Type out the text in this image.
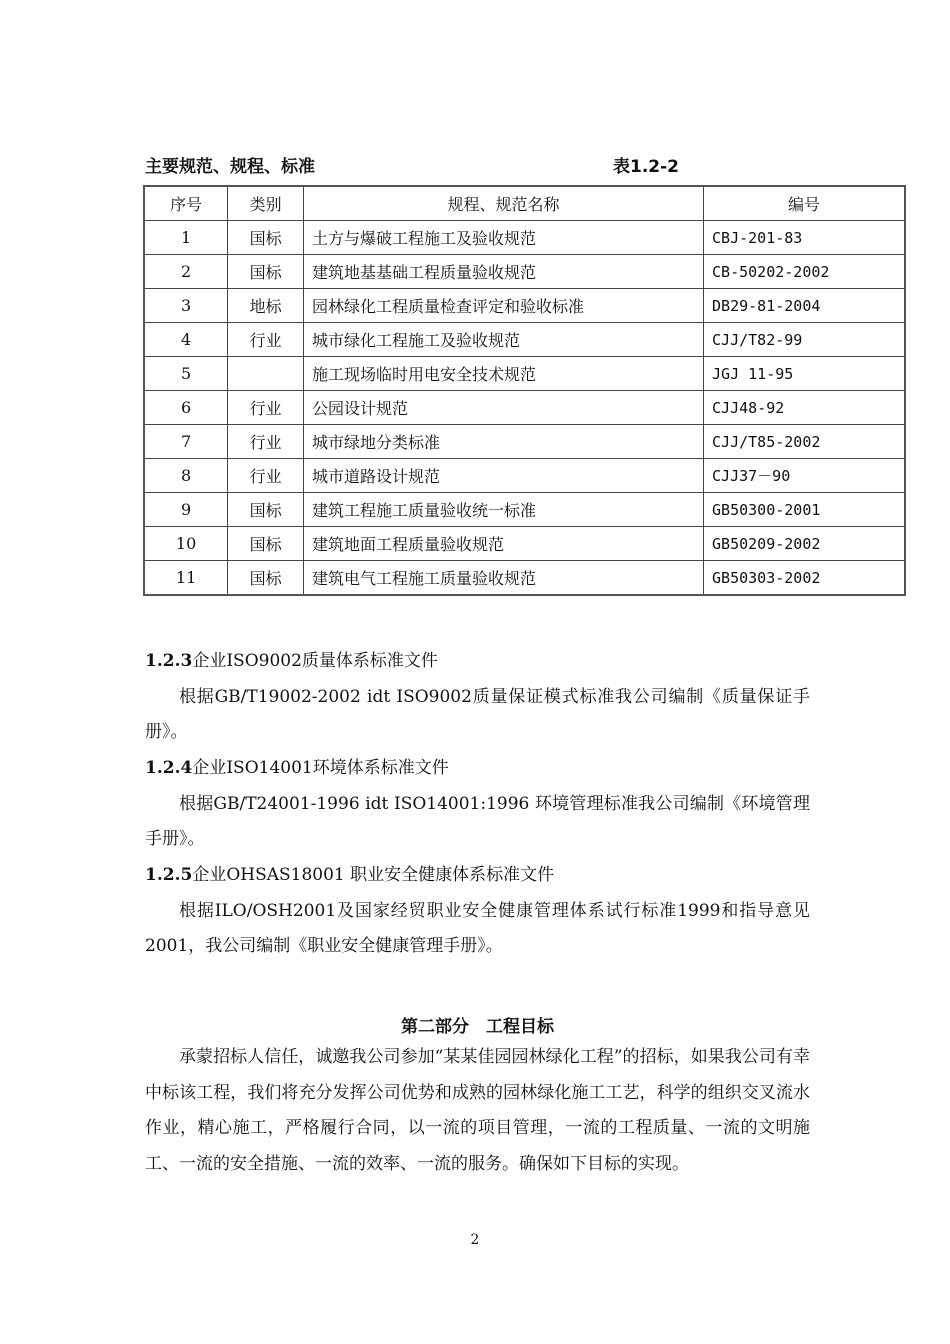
主要规范、规程、标准	表1.2-2
序号	类别	规程、规范名称	编号
1	国标	土方与爆破工程施工及验收规范	CBJ-201-83
2	国标	建筑地基基础工程质量验收规范	CB-50202-2002
3	地标	园林绿化工程质量检查评定和验收标准	DB29-81-2004
4	行业	城市绿化工程施工及验收规范	CJJ/T82-99
5		施工现场临时用电安全技术规范	JGJ 11-95
6	行业	公园设计规范	CJJ48-92
7	行业	城市绿地分类标准	CJJ/T85-2002
8	行业	城市道路设计规范	CJJ37－90
9	国标	建筑工程施工质量验收统一标准	GB50300-2001
10	国标	建筑地面工程质量验收规范	GB50209-2002
11	国标	建筑电气工程施工质量验收规范	GB50303-2002
1.2.3企业ISO9002质量体系标准文件
根据GB/T19002-2002 idt ISO9002质量保证模式标准我公司编制《质量保证手册》。
1.2.4企业ISO14001环境体系标准文件
根据GB/T24001-1996 idt ISO14001:1996 环境管理标准我公司编制《环境管理手册》。
1.2.5企业OHSAS18001 职业安全健康体系标准文件
根据ILO/OSH2001及国家经贸职业安全健康管理体系试行标准1999和指导意见2001，我公司编制《职业安全健康管理手册》。
第二部分　工程目标
承蒙招标人信任，诚邀我公司参加“某某佳园园林绿化工程”的招标，如果我公司有幸中标该工程，我们将充分发挥公司优势和成熟的园林绿化施工工艺，科学的组织交叉流水作业，精心施工，严格履行合同，以一流的项目管理，一流的工程质量、一流的文明施工、一流的安全措施、一流的效率、一流的服务。确保如下目标的实现。
2
